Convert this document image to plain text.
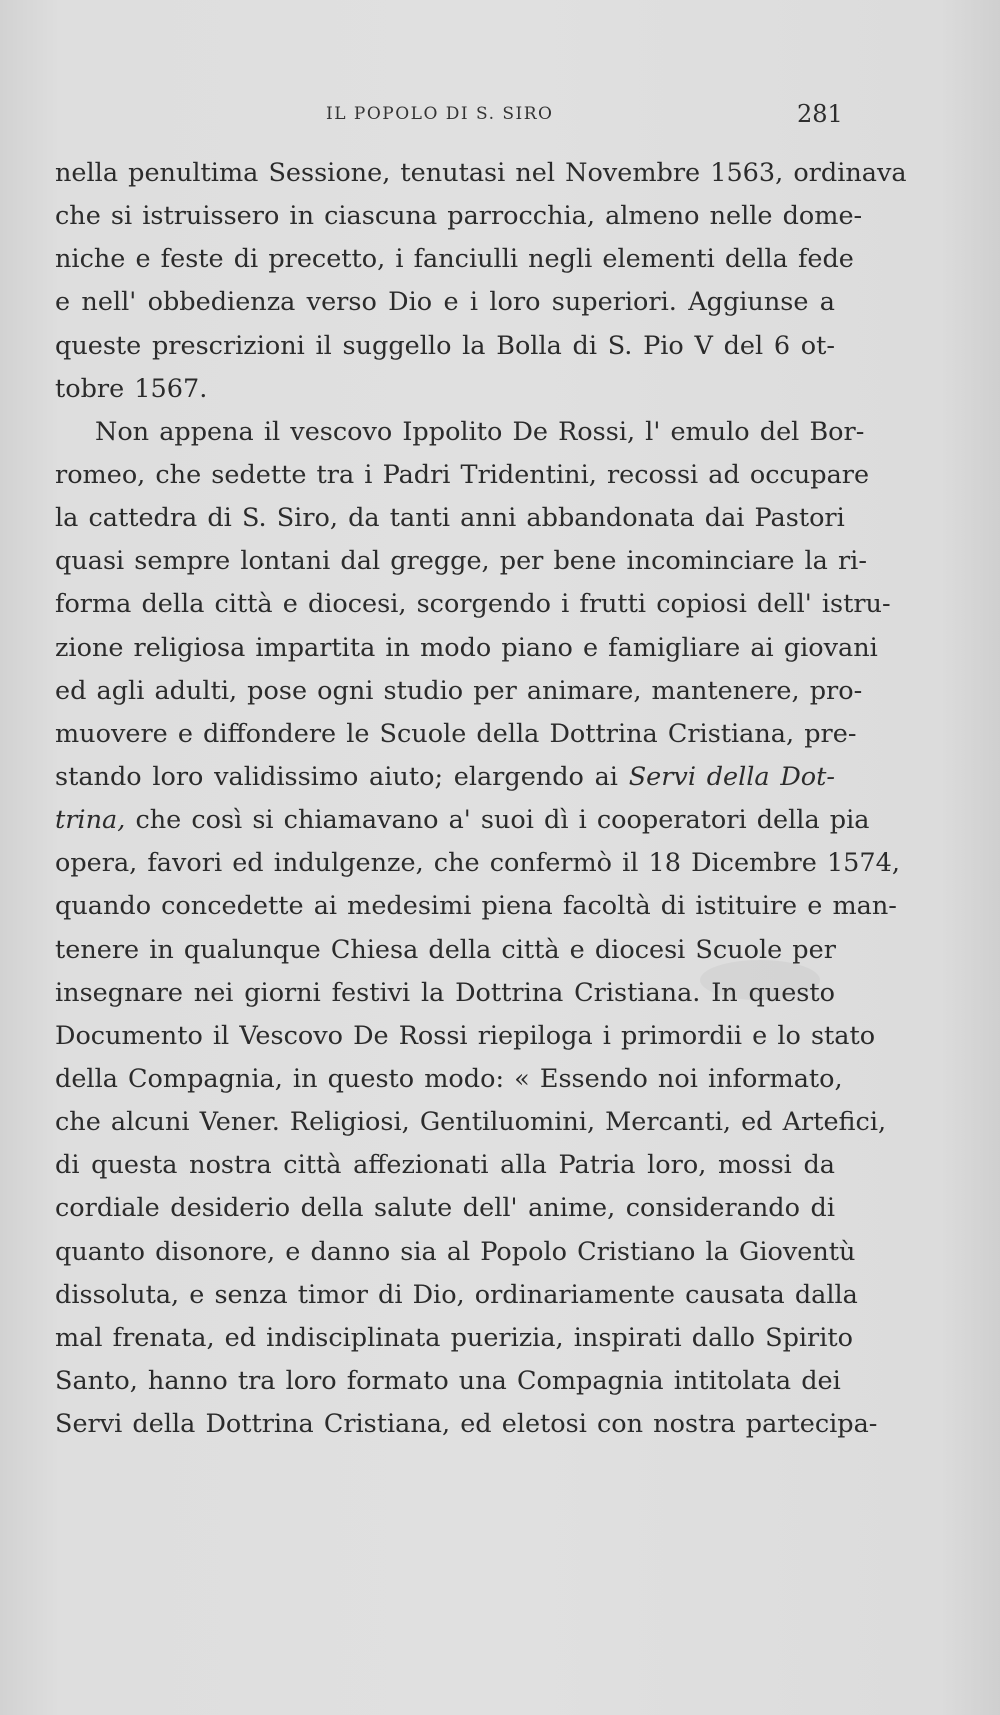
IL POPOLO DI S. SIRO	281
nella penultima Sessione, tenutasi nel Novembre 1563, ordinava
che si istruissero in ciascuna parrocchia, almeno nelle dome-
niche e feste di precetto, i fanciulli negli elementi della fede
e nell' obbedienza verso Dio e i loro superiori. Aggiunse a
queste prescrizioni il suggello la Bolla di S. Pio V del 6 ot-
tobre 1567.
Non appena il vescovo Ippolito De Rossi, l' emulo del Bor-
romeo, che sedette tra i Padri Tridentini, recossi ad occupare
la cattedra di S. Siro, da tanti anni abbandonata dai Pastori
quasi sempre lontani dal gregge, per bene incominciare la ri-
forma della città e diocesi, scorgendo i frutti copiosi dell' istru-
zione religiosa impartita in modo piano e famigliare ai giovani
ed agli adulti, pose ogni studio per animare, mantenere, pro-
muovere e diffondere le Scuole della Dottrina Cristiana, pre-
stando loro validissimo aiuto; elargendo ai Servi della Dot-
trina, che così si chiamavano a' suoi dì i cooperatori della pia
opera, favori ed indulgenze, che confermò il 18 Dicembre 1574,
quando concedette ai medesimi piena facoltà di istituire e man-
tenere in qualunque Chiesa della città e diocesi Scuole per
insegnare nei giorni festivi la Dottrina Cristiana. In questo
Documento il Vescovo De Rossi riepiloga i primordii e lo stato
della Compagnia, in questo modo: « Essendo noi informato,
che alcuni Vener. Religiosi, Gentiluomini, Mercanti, ed Artefici,
di questa nostra città affezionati alla Patria loro, mossi da
cordiale desiderio della salute dell' anime, considerando di
quanto disonore, e danno sia al Popolo Cristiano la Gioventù
dissoluta, e senza timor di Dio, ordinariamente causata dalla
mal frenata, ed indisciplinata puerizia, inspirati dallo Spirito
Santo, hanno tra loro formato una Compagnia intitolata dei
Servi della Dottrina Cristiana, ed eletosi con nostra partecipa-
